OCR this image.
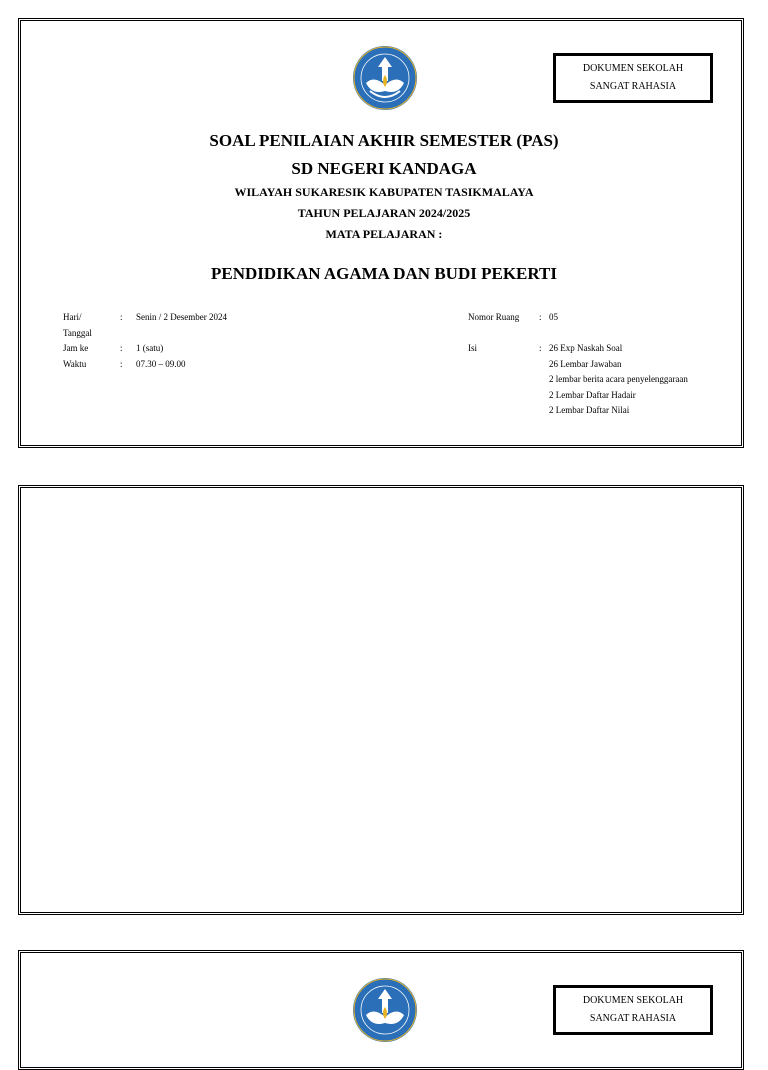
DOKUMEN SEKOLAH
SANGAT RAHASIA

SOAL PENILAIAN AKHIR SEMESTER (PAS)

SD NEGERI KANDAGA

WILAYAH SUKARESIK KABUPATEN TASIKMALAYA

TAHUN PELAJARAN 2024/2025

MATA PELAJARAN :

PENDIDIKAN AGAMA DAN BUDI PEKERTI
Hari/	: Senin / 2 Desember 2024
Tanggal
Jam ke	: 1 (satu)
Waktu	: 07.30 – 09.00
Nomor Ruang : 05
Isi	: 26 Exp Naskah Soal
26 Lembar Jawaban
2 lembar berita acara penyelenggaraan
2 Lembar Daftar Hadair
2 Lembar Daftar Nilai
DOKUMEN SEKOLAH
SANGAT RAHASIA
